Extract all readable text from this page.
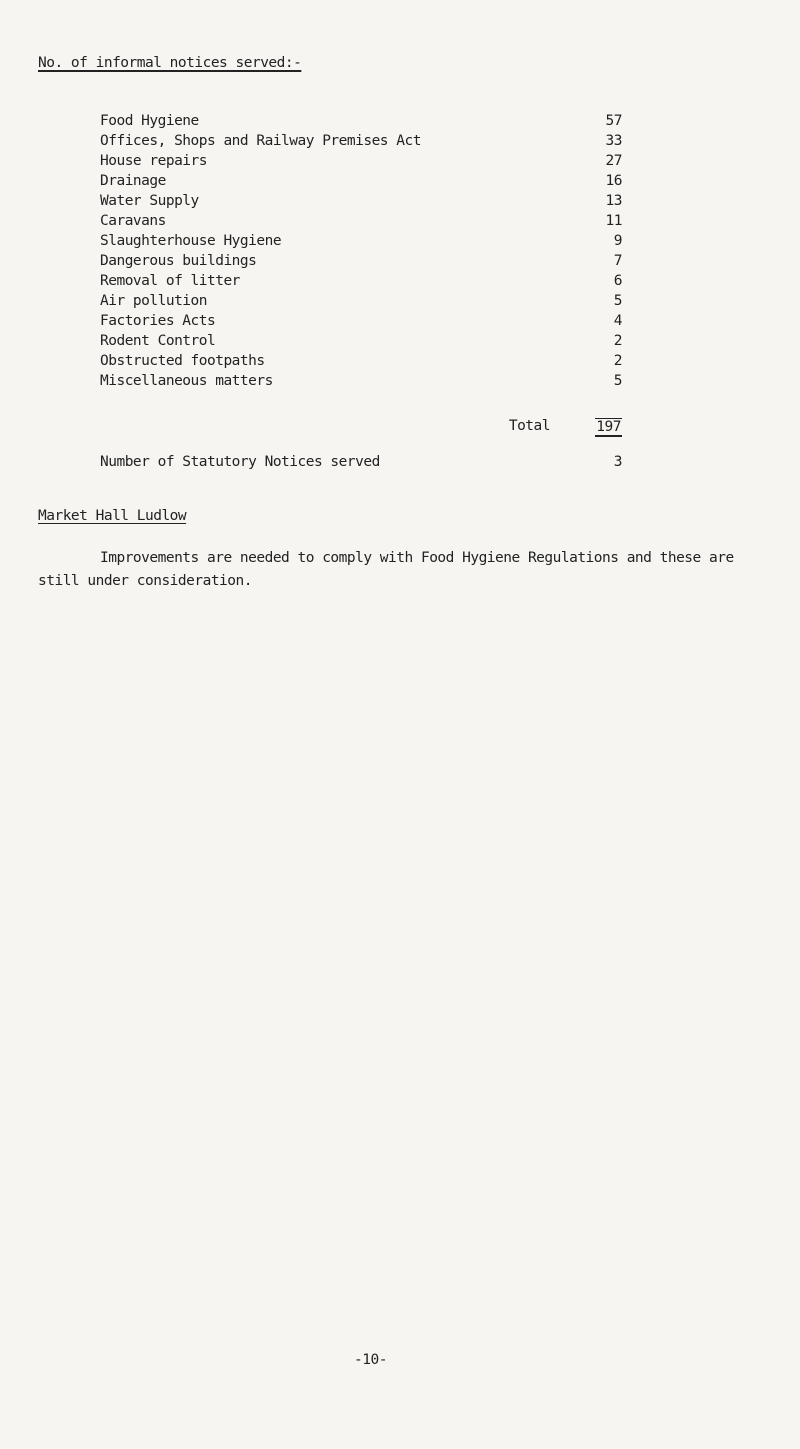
No. of informal notices served:-
Food Hygiene	57
Offices, Shops and Railway Premises Act	33
House repairs	27
Drainage	16
Water Supply	13
Caravans	11
Slaughterhouse Hygiene	9
Dangerous buildings	7
Removal of litter	6
Air pollution	5
Factories Acts	4
Rodent Control	2
Obstructed footpaths	2
Miscellaneous matters	5
Total	197
Number of Statutory Notices served	3
Market Hall Ludlow
Improvements are needed to comply with Food Hygiene Regulations and these are still under consideration.
-10-
